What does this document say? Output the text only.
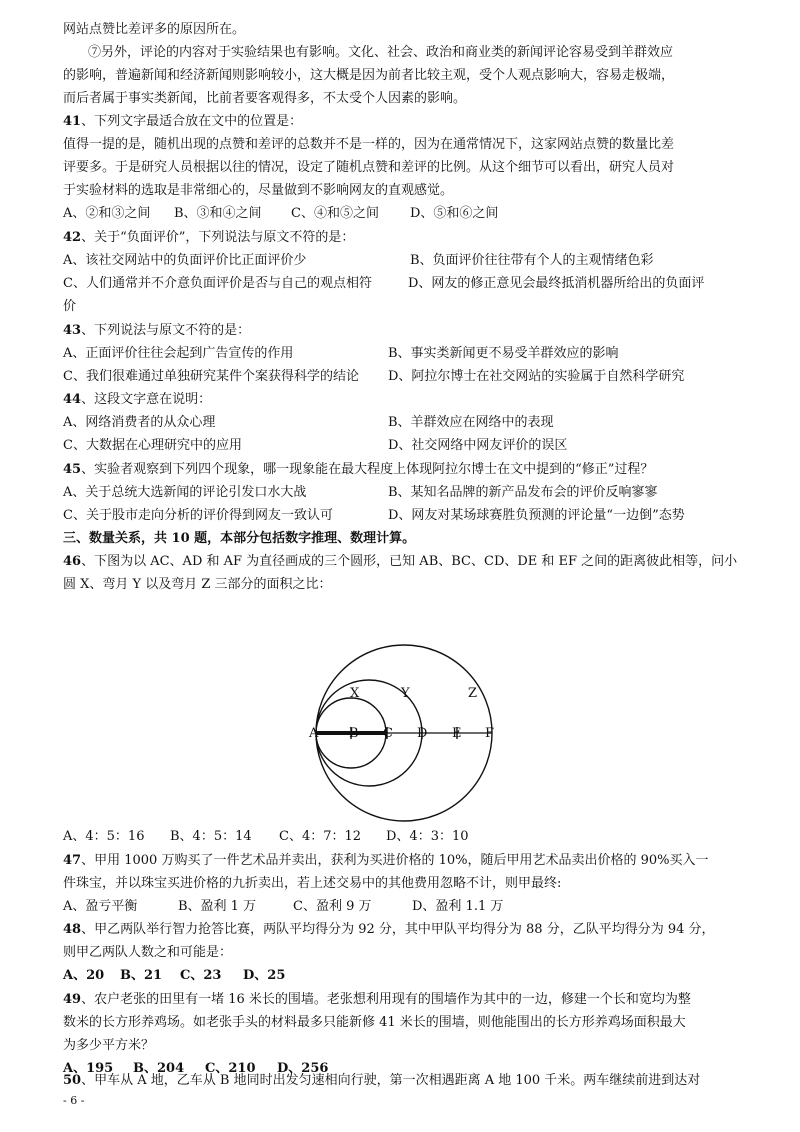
网站点赞比差评多的原因所在。
⑦另外，评论的内容对于实验结果也有影响。文化、社会、政治和商业类的新闻评论容易受到羊群效应
的影响，普遍新闻和经济新闻则影响较小，这大概是因为前者比较主观，受个人观点影响大，容易走极端，
而后者属于事实类新闻，比前者要客观得多，不太受个人因素的影响。
41、下列文字最适合放在文中的位置是：
值得一提的是，随机出现的点赞和差评的总数并不是一样的，因为在通常情况下，这家网站点赞的数量比差
评要多。于是研究人员根据以往的情况，设定了随机点赞和差评的比例。从这个细节可以看出，研究人员对
于实验材料的选取是非常细心的，尽量做到不影响网友的直观感觉。
A、②和③之间 B、③和④之间 C、④和⑤之间 D、⑤和⑥之间
42、关于“负面评价”，下列说法与原文不符的是：
A、该社交网站中的负面评价比正面评价少	B、负面评价往往带有个人的主观情绪色彩
C、人们通常并不介意负面评价是否与自己的观点相符	D、网友的修正意见会最终抵消机器所给出的负面评
价
43、下列说法与原文不符的是：
A、正面评价往往会起到广告宣传的作用	B、事实类新闻更不易受羊群效应的影响
C、我们很难通过单独研究某件个案获得科学的结论 D、阿拉尔博士在社交网站的实验属于自然科学研究
44、这段文字意在说明：
A、网络消费者的从众心理	B、羊群效应在网络中的表现
C、大数据在心理研究中的应用	D、社交网络中网友评价的误区
45、实验者观察到下列四个现象，哪一现象能在最大程度上体现阿拉尔博士在文中提到的“修正”过程？
A、关于总统大选新闻的评论引发口水大战	B、某知名品牌的新产品发布会的评价反响寥寥
C、关于股市走向分析的评价得到网友一致认可	D、网友对某场球赛胜负预测的评论量“一边倒”态势
三、数量关系，共 10 题，本部分包括数字推理、数理计算。
46、下图为以 AC、AD 和 AF 为直径画成的三个圆形，已知 AB、BC、CD、DE 和 EF 之间的距离彼此相等，问小
圆 X、弯月 Y 以及弯月 Z 三部分的面积之比：
X	Y	Z
A B C D E F
A、4：5：16 B、4：5：14 C、4：7：12 D、4：3：10
47、甲用 1000 万购买了一件艺术品并卖出，获利为买进价格的 10%，随后甲用艺术品卖出价格的 90%买入一
件珠宝，并以珠宝买进价格的九折卖出，若上述交易中的其他费用忽略不计，则甲最终:
A、盈亏平衡	B、盈利 1 万	C、盈利 9 万	D、盈利 1.1 万
48、甲乙两队举行智力抢答比赛，两队平均得分为 92 分，其中甲队平均得分为 88 分，乙队平均得分为 94 分，
则甲乙两队人数之和可能是：
A、20 B、21 C、23 D、25
49、农户老张的田里有一堵 16 米长的围墙。老张想利用现有的围墙作为其中的一边，修建一个长和宽均为整
数米的长方形养鸡场。如老张手头的材料最多只能新修 41 米长的围墙，则他能围出的长方形养鸡场面积最大
为多少平方米？
A、195 B、204 C、210 D、256
50、甲车从 A 地，乙车从 B 地同时出发匀速相向行驶，第一次相遇距离 A 地 100 千米。两车继续前进到达对
- 6 -
